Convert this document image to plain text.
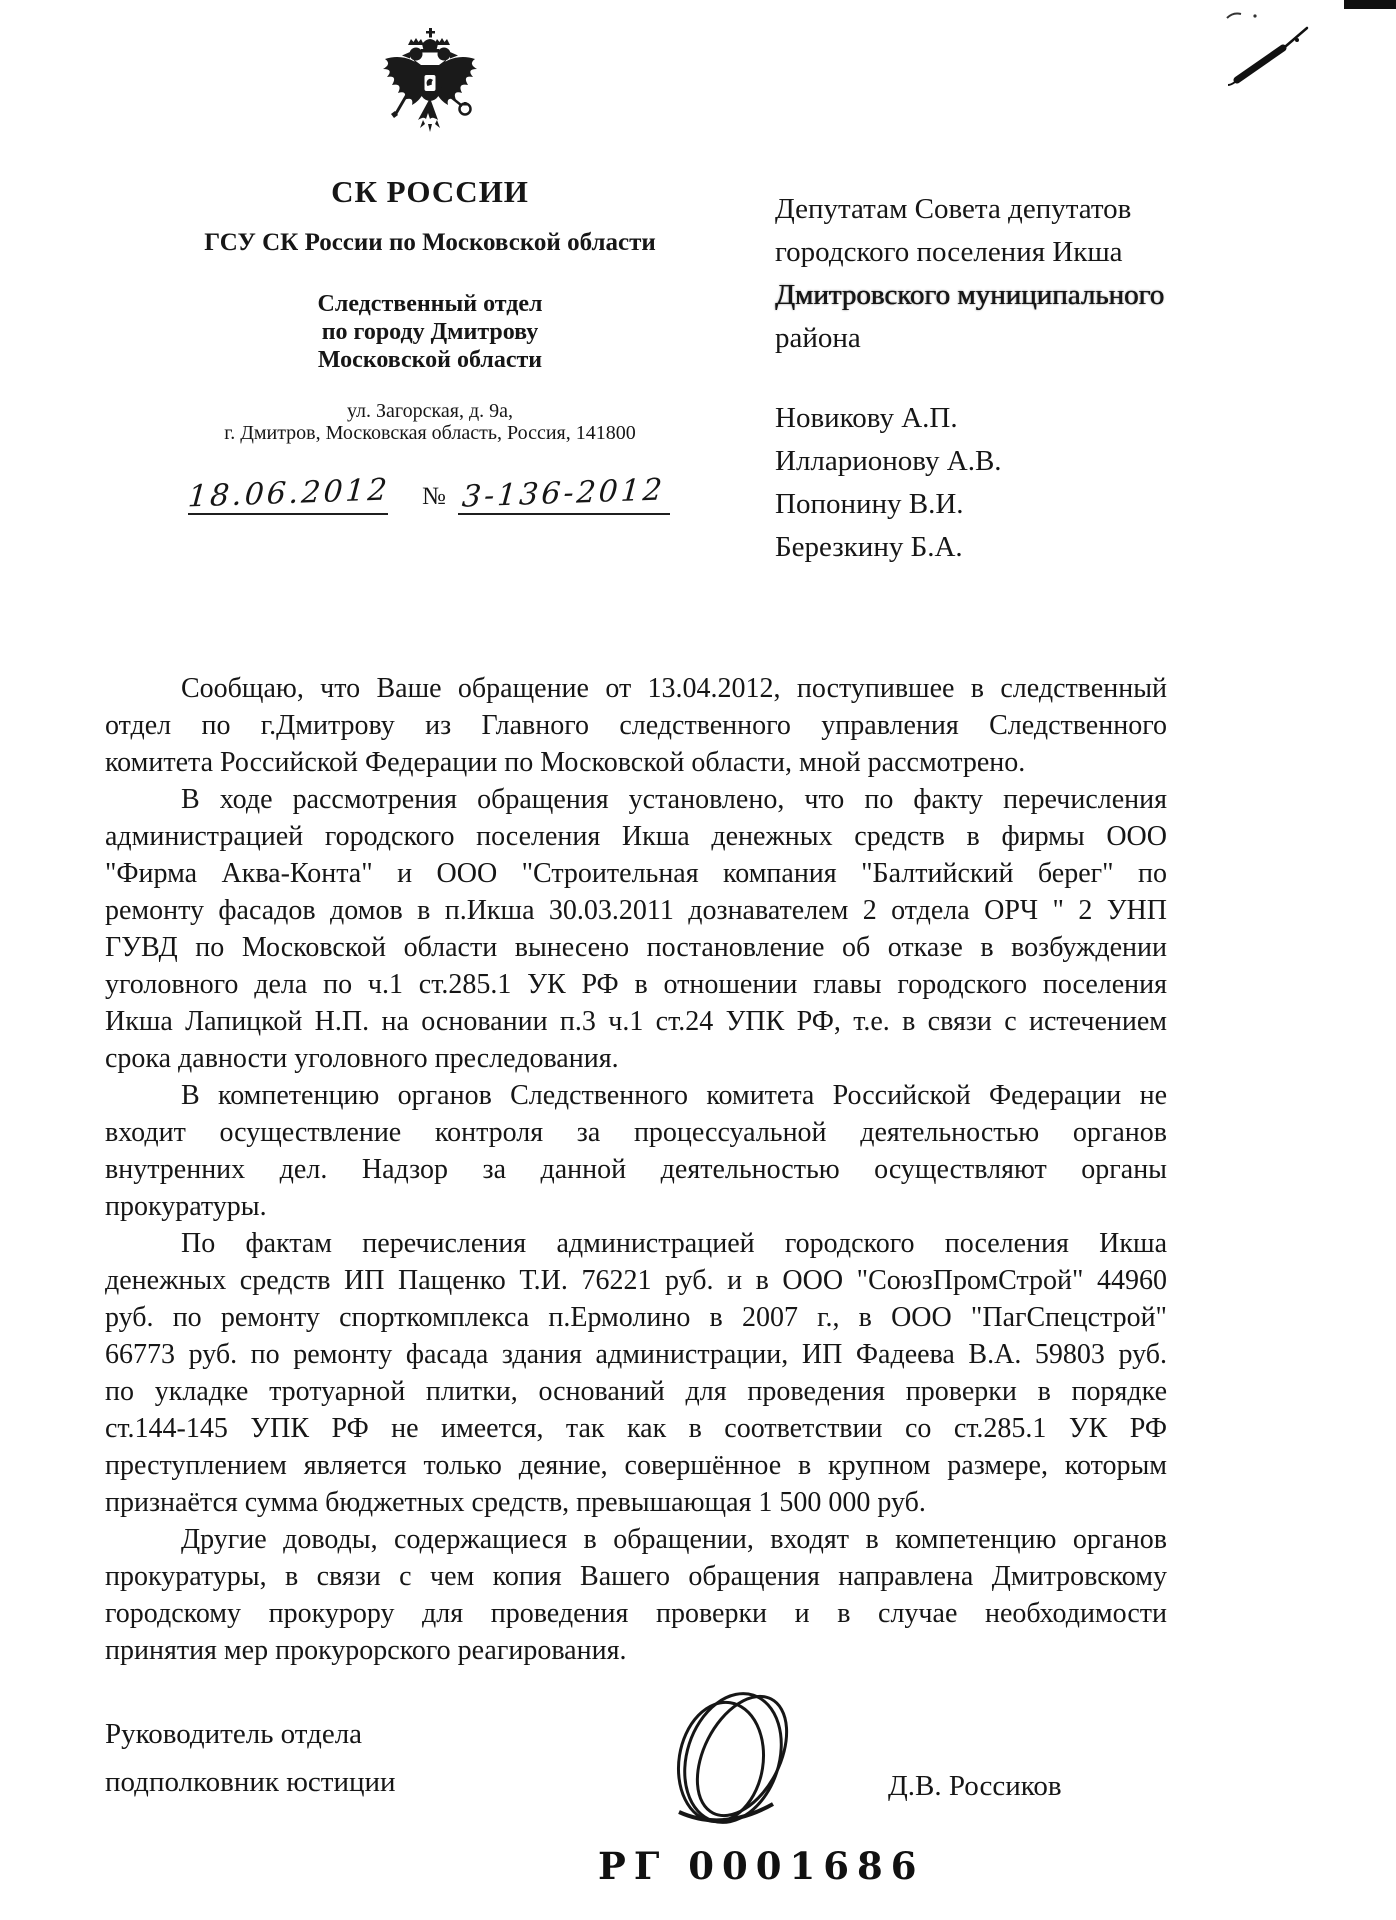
СК РОССИИ
ГСУ СК России по Московской области
Следственный отдел
по городу Дмитрову
Московской области
ул. Загорская, д. 9а,
г. Дмитров, Московская область, Россия, 141800
18.06.2012 № 3-136-2012
Депутатам Совета депутатов
городского поселения Икша
Дмитровского муниципального
района
Новикову А.П.
Илларионову А.В.
Попонину В.И.
Березкину Б.А.
Сообщаю, что Ваше обращение от 13.04.2012, поступившее в следственный
отдел по г.Дмитрову из Главного следственного управления Следственного
комитета Российской Федерации по Московской области, мной рассмотрено.
В ходе рассмотрения обращения установлено, что по факту перечисления
администрацией городского поселения Икша денежных средств в фирмы ООО
"Фирма Аква-Конта" и ООО "Строительная компания "Балтийский берег" по
ремонту фасадов домов в п.Икша 30.03.2011 дознавателем 2 отдела ОРЧ " 2 УНП
ГУВД по Московской области вынесено постановление об отказе в возбуждении
уголовного дела по ч.1 ст.285.1 УК РФ в отношении главы городского поселения
Икша Лапицкой Н.П. на основании п.3 ч.1 ст.24 УПК РФ, т.е. в связи с истечением
срока давности уголовного преследования.
В компетенцию органов Следственного комитета Российской Федерации не
входит осуществление контроля за процессуальной деятельностью органов
внутренних дел. Надзор за данной деятельностью осуществляют органы
прокуратуры.
По фактам перечисления администрацией городского поселения Икша
денежных средств ИП Пащенко Т.И. 76221 руб. и в ООО "СоюзПромСтрой" 44960
руб. по ремонту спорткомплекса п.Ермолино в 2007 г., в ООО "ПагСпецстрой"
66773 руб. по ремонту фасада здания администрации, ИП Фадеева В.А. 59803 руб.
по укладке тротуарной плитки, оснований для проведения проверки в порядке
ст.144-145 УПК РФ не имеется, так как в соответствии со ст.285.1 УК РФ
преступлением является только деяние, совершённое в крупном размере, которым
признаётся сумма бюджетных средств, превышающая 1 500 000 руб.
Другие доводы, содержащиеся в обращении, входят в компетенцию органов
прокуратуры, в связи с чем копия Вашего обращения направлена Дмитровскому
городскому прокурору для проведения проверки и в случае необходимости
принятия мер прокурорского реагирования.
Руководитель отдела
подполковник юстиции	Д.В. Россиков
РГ 0001686
